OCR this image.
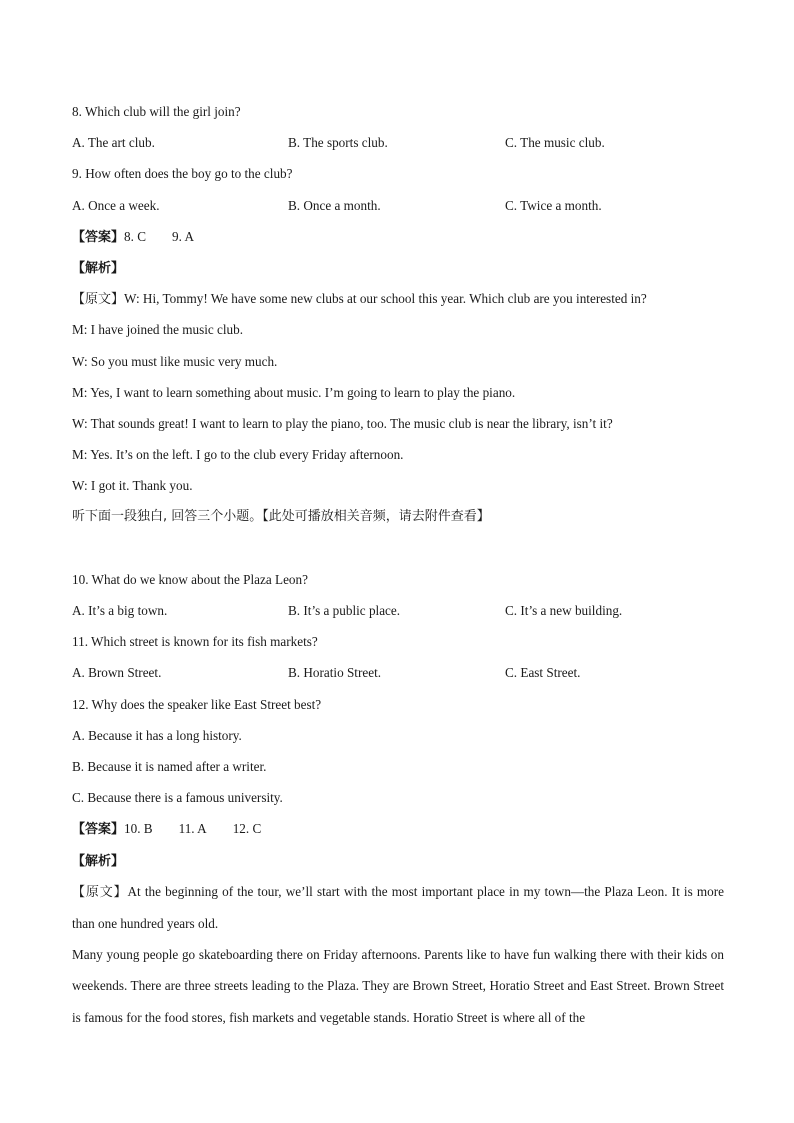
8. Which club will the girl join?
A. The art club.	B. The sports club.	C. The music club.
9. How often does the boy go to the club?
A. Once a week.	B. Once a month.	C. Twice a month.
【答案】8. C 9. A
【解析】
【原文】W: Hi, Tommy! We have some new clubs at our school this year. Which club are you interested in?
M: I have joined the music club.
W: So you must like music very much.
M: Yes, I want to learn something about music. I’m going to learn to play the piano.
W: That sounds great! I want to learn to play the piano, too. The music club is near the library, isn’t it?
M: Yes. It’s on the left. I go to the club every Friday afternoon.
W: I got it. Thank you.
听下面一段独白, 回答三个小题。【此处可播放相关音频，请去附件查看】
10. What do we know about the Plaza Leon?
A. It’s a big town.	B. It’s a public place.	C. It’s a new building.
11. Which street is known for its fish markets?
A. Brown Street.	B. Horatio Street.	C. East Street.
12. Why does the speaker like East Street best?
A. Because it has a long history.
B. Because it is named after a writer.
C. Because there is a famous university.
【答案】10. B 11. A 12. C
【解析】
【原文】At the beginning of the tour, we’ll start with the most important place in my town—the Plaza Leon. It is more than one hundred years old.
Many young people go skateboarding there on Friday afternoons. Parents like to have fun walking there with their kids on weekends. There are three streets leading to the Plaza. They are Brown Street, Horatio Street and East Street. Brown Street is famous for the food stores, fish markets and vegetable stands. Horatio Street is where all of the
